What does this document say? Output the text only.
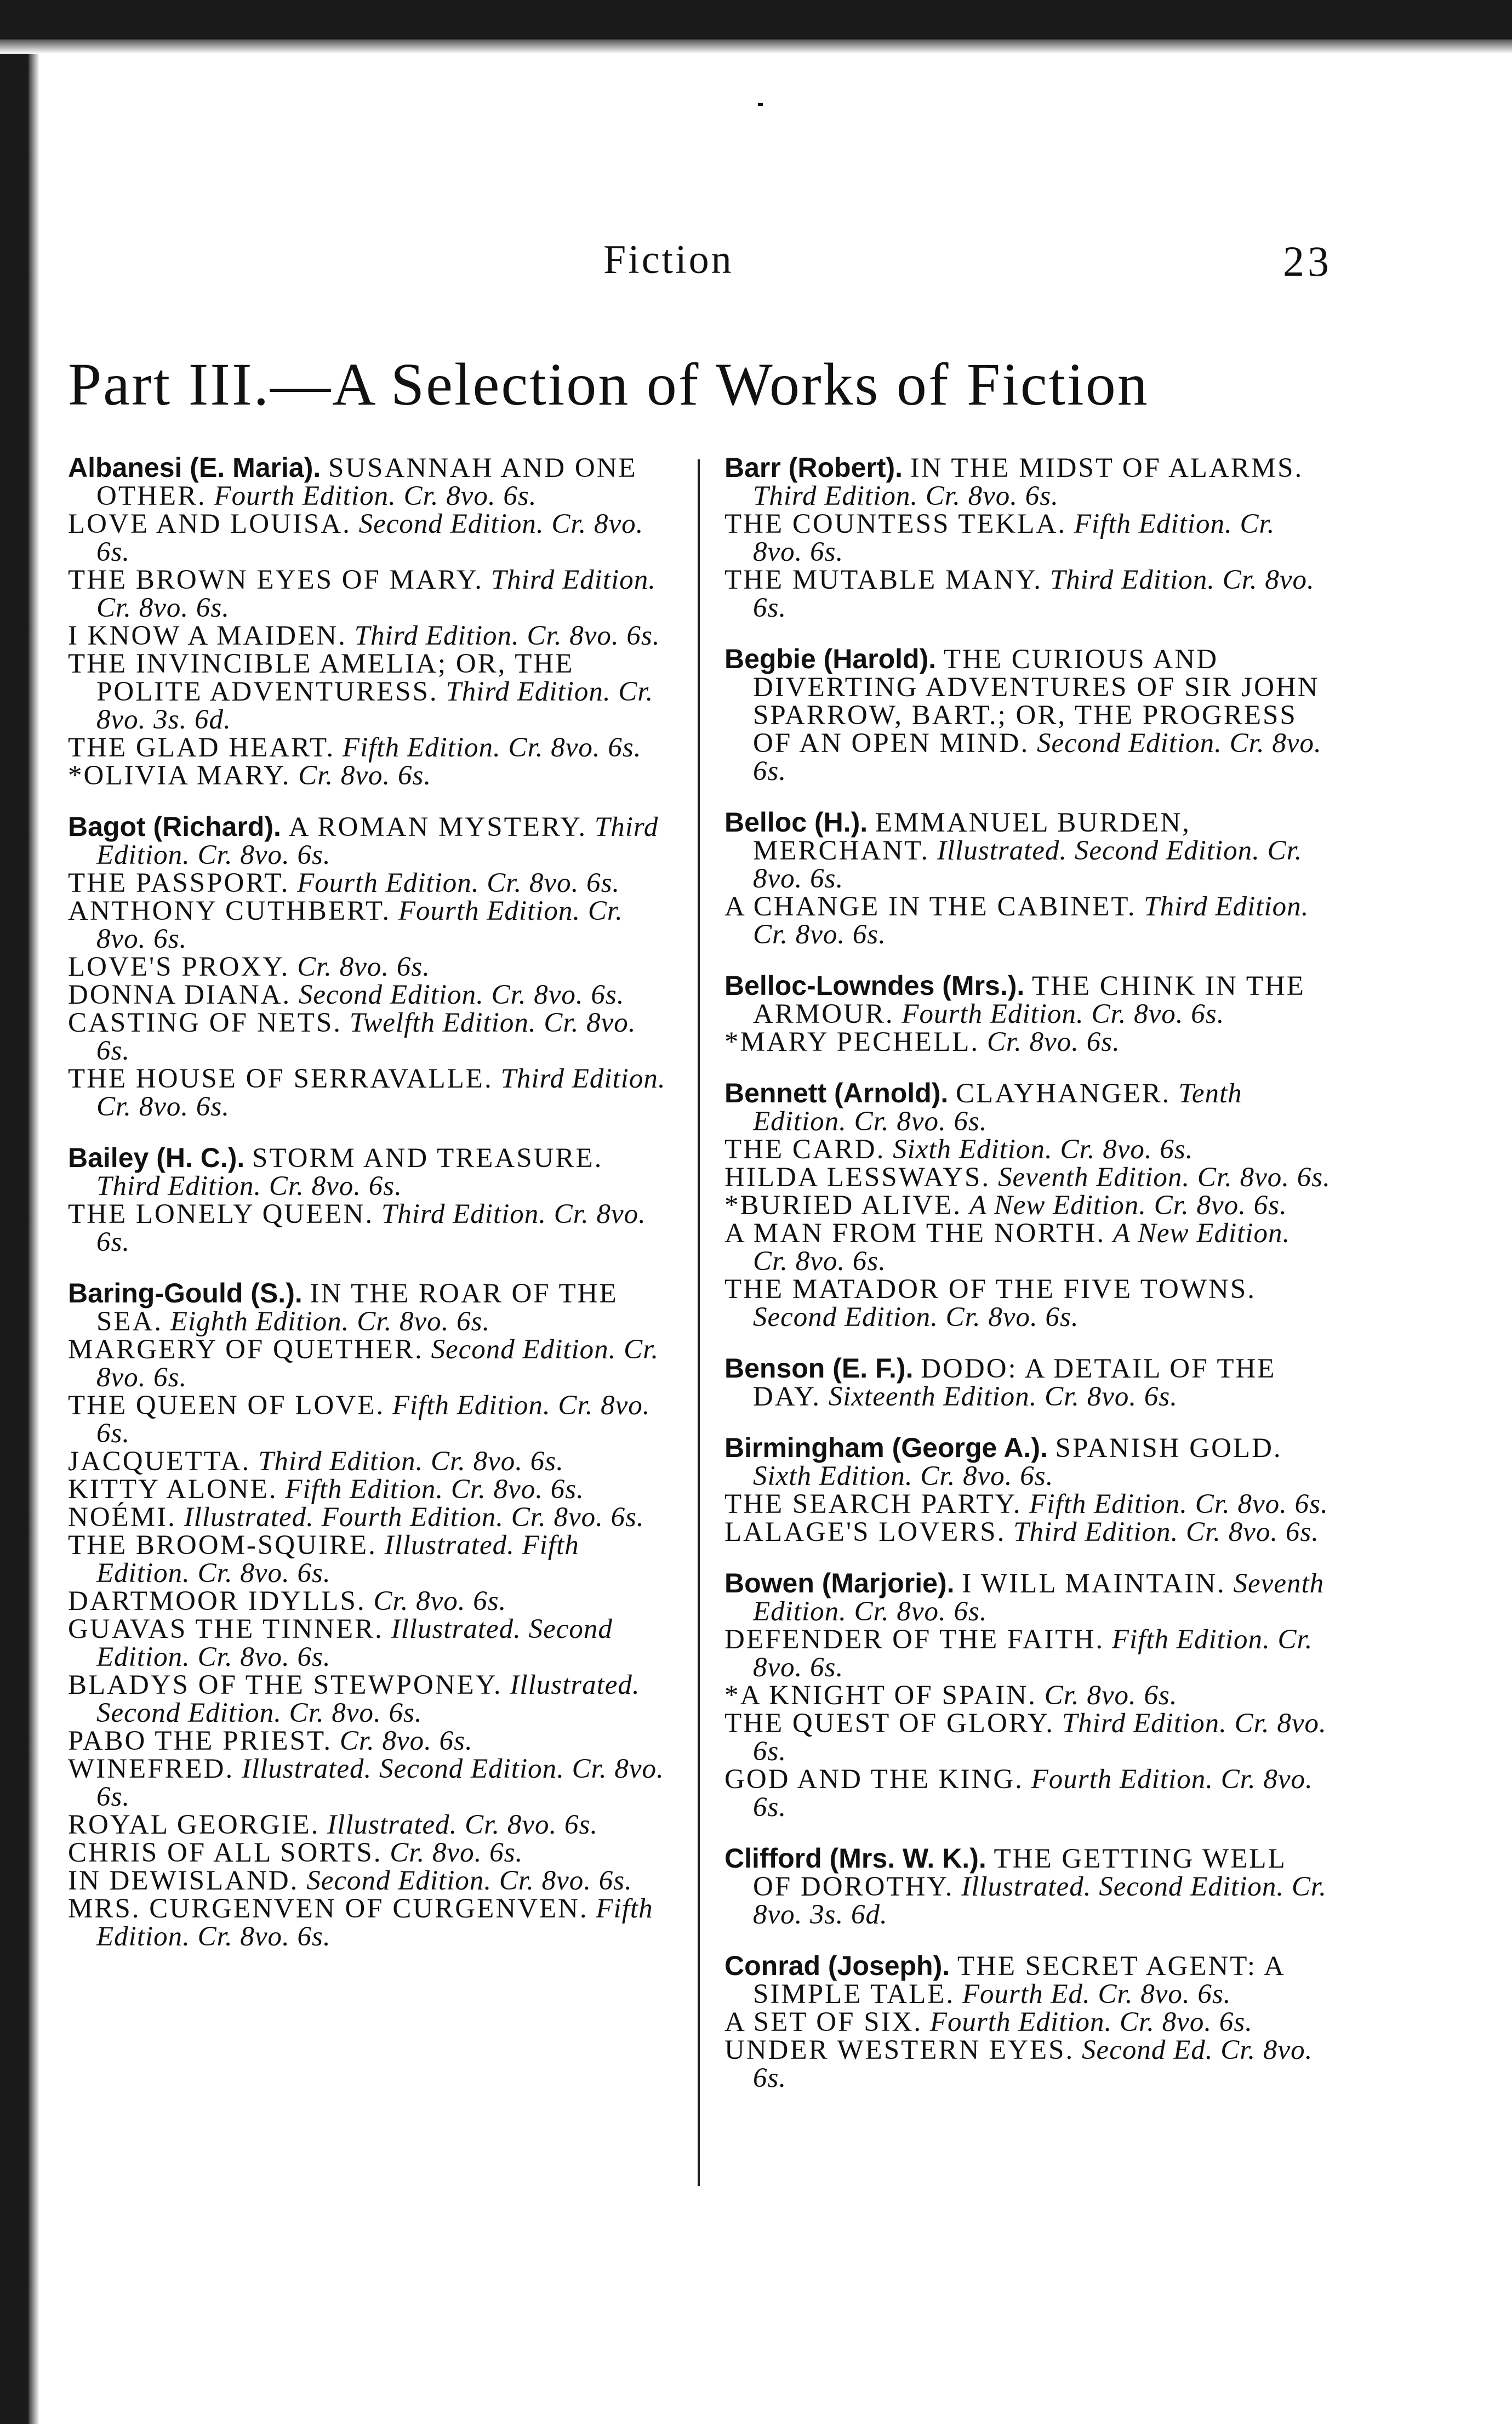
Fiction	23
Part III.—A Selection of Works of Fiction

Albanesi (E. Maria). SUSANNAH AND ONE OTHER. Fourth Edition. Cr. 8vo. 6s.

LOVE AND LOUISA. Second Edition. Cr. 8vo. 6s.

THE BROWN EYES OF MARY. Third Edition. Cr. 8vo. 6s.

I KNOW A MAIDEN. Third Edition. Cr. 8vo. 6s.

THE INVINCIBLE AMELIA; OR, THE POLITE ADVENTURESS. Third Edition. Cr. 8vo. 3s. 6d.

THE GLAD HEART. Fifth Edition. Cr. 8vo. 6s.

*OLIVIA MARY. Cr. 8vo. 6s.

Bagot (Richard). A ROMAN MYSTERY. Third Edition. Cr. 8vo. 6s.

THE PASSPORT. Fourth Edition. Cr. 8vo. 6s.

ANTHONY CUTHBERT. Fourth Edition. Cr. 8vo. 6s.

LOVE'S PROXY. Cr. 8vo. 6s.

DONNA DIANA. Second Edition. Cr. 8vo. 6s.

CASTING OF NETS. Twelfth Edition. Cr. 8vo. 6s.

THE HOUSE OF SERRAVALLE. Third Edition. Cr. 8vo. 6s.

Bailey (H. C.). STORM AND TREASURE. Third Edition. Cr. 8vo. 6s.

THE LONELY QUEEN. Third Edition. Cr. 8vo. 6s.

Baring-Gould (S.). IN THE ROAR OF THE SEA. Eighth Edition. Cr. 8vo. 6s.

MARGERY OF QUETHER. Second Edition. Cr. 8vo. 6s.

THE QUEEN OF LOVE. Fifth Edition. Cr. 8vo. 6s.

JACQUETTA. Third Edition. Cr. 8vo. 6s.

KITTY ALONE. Fifth Edition. Cr. 8vo. 6s.

NOÉMI. Illustrated. Fourth Edition. Cr. 8vo. 6s.

THE BROOM-SQUIRE. Illustrated. Fifth Edition. Cr. 8vo. 6s.

DARTMOOR IDYLLS. Cr. 8vo. 6s.

GUAVAS THE TINNER. Illustrated. Second Edition. Cr. 8vo. 6s.

BLADYS OF THE STEWPONEY. Illustrated. Second Edition. Cr. 8vo. 6s.

PABO THE PRIEST. Cr. 8vo. 6s.

WINEFRED. Illustrated. Second Edition. Cr. 8vo. 6s.

ROYAL GEORGIE. Illustrated. Cr. 8vo. 6s.

CHRIS OF ALL SORTS. Cr. 8vo. 6s.

IN DEWISLAND. Second Edition. Cr. 8vo. 6s.

MRS. CURGENVEN OF CURGENVEN. Fifth Edition. Cr. 8vo. 6s.

Barr (Robert). IN THE MIDST OF ALARMS. Third Edition. Cr. 8vo. 6s.

THE COUNTESS TEKLA. Fifth Edition. Cr. 8vo. 6s.

THE MUTABLE MANY. Third Edition. Cr. 8vo. 6s.

Begbie (Harold). THE CURIOUS AND DIVERTING ADVENTURES OF SIR JOHN SPARROW, BART.; OR, THE PROGRESS OF AN OPEN MIND. Second Edition. Cr. 8vo. 6s.

Belloc (H.). EMMANUEL BURDEN, MERCHANT. Illustrated. Second Edition. Cr. 8vo. 6s.

A CHANGE IN THE CABINET. Third Edition. Cr. 8vo. 6s.

Belloc-Lowndes (Mrs.). THE CHINK IN THE ARMOUR. Fourth Edition. Cr. 8vo. 6s.

*MARY PECHELL. Cr. 8vo. 6s.

Bennett (Arnold). CLAYHANGER. Tenth Edition. Cr. 8vo. 6s.

THE CARD. Sixth Edition. Cr. 8vo. 6s.

HILDA LESSWAYS. Seventh Edition. Cr. 8vo. 6s.

*BURIED ALIVE. A New Edition. Cr. 8vo. 6s.

A MAN FROM THE NORTH. A New Edition. Cr. 8vo. 6s.

THE MATADOR OF THE FIVE TOWNS. Second Edition. Cr. 8vo. 6s.

Benson (E. F.). DODO: A DETAIL OF THE DAY. Sixteenth Edition. Cr. 8vo. 6s.

Birmingham (George A.). SPANISH GOLD. Sixth Edition. Cr. 8vo. 6s.

THE SEARCH PARTY. Fifth Edition. Cr. 8vo. 6s.

LALAGE'S LOVERS. Third Edition. Cr. 8vo. 6s.

Bowen (Marjorie). I WILL MAINTAIN. Seventh Edition. Cr. 8vo. 6s.

DEFENDER OF THE FAITH. Fifth Edition. Cr. 8vo. 6s.

*A KNIGHT OF SPAIN. Cr. 8vo. 6s.

THE QUEST OF GLORY. Third Edition. Cr. 8vo. 6s.

GOD AND THE KING. Fourth Edition. Cr. 8vo. 6s.

Clifford (Mrs. W. K.). THE GETTING WELL OF DOROTHY. Illustrated. Second Edition. Cr. 8vo. 3s. 6d.

Conrad (Joseph). THE SECRET AGENT: A SIMPLE TALE. Fourth Ed. Cr. 8vo. 6s.

A SET OF SIX. Fourth Edition. Cr. 8vo. 6s.

UNDER WESTERN EYES. Second Ed. Cr. 8vo. 6s.
